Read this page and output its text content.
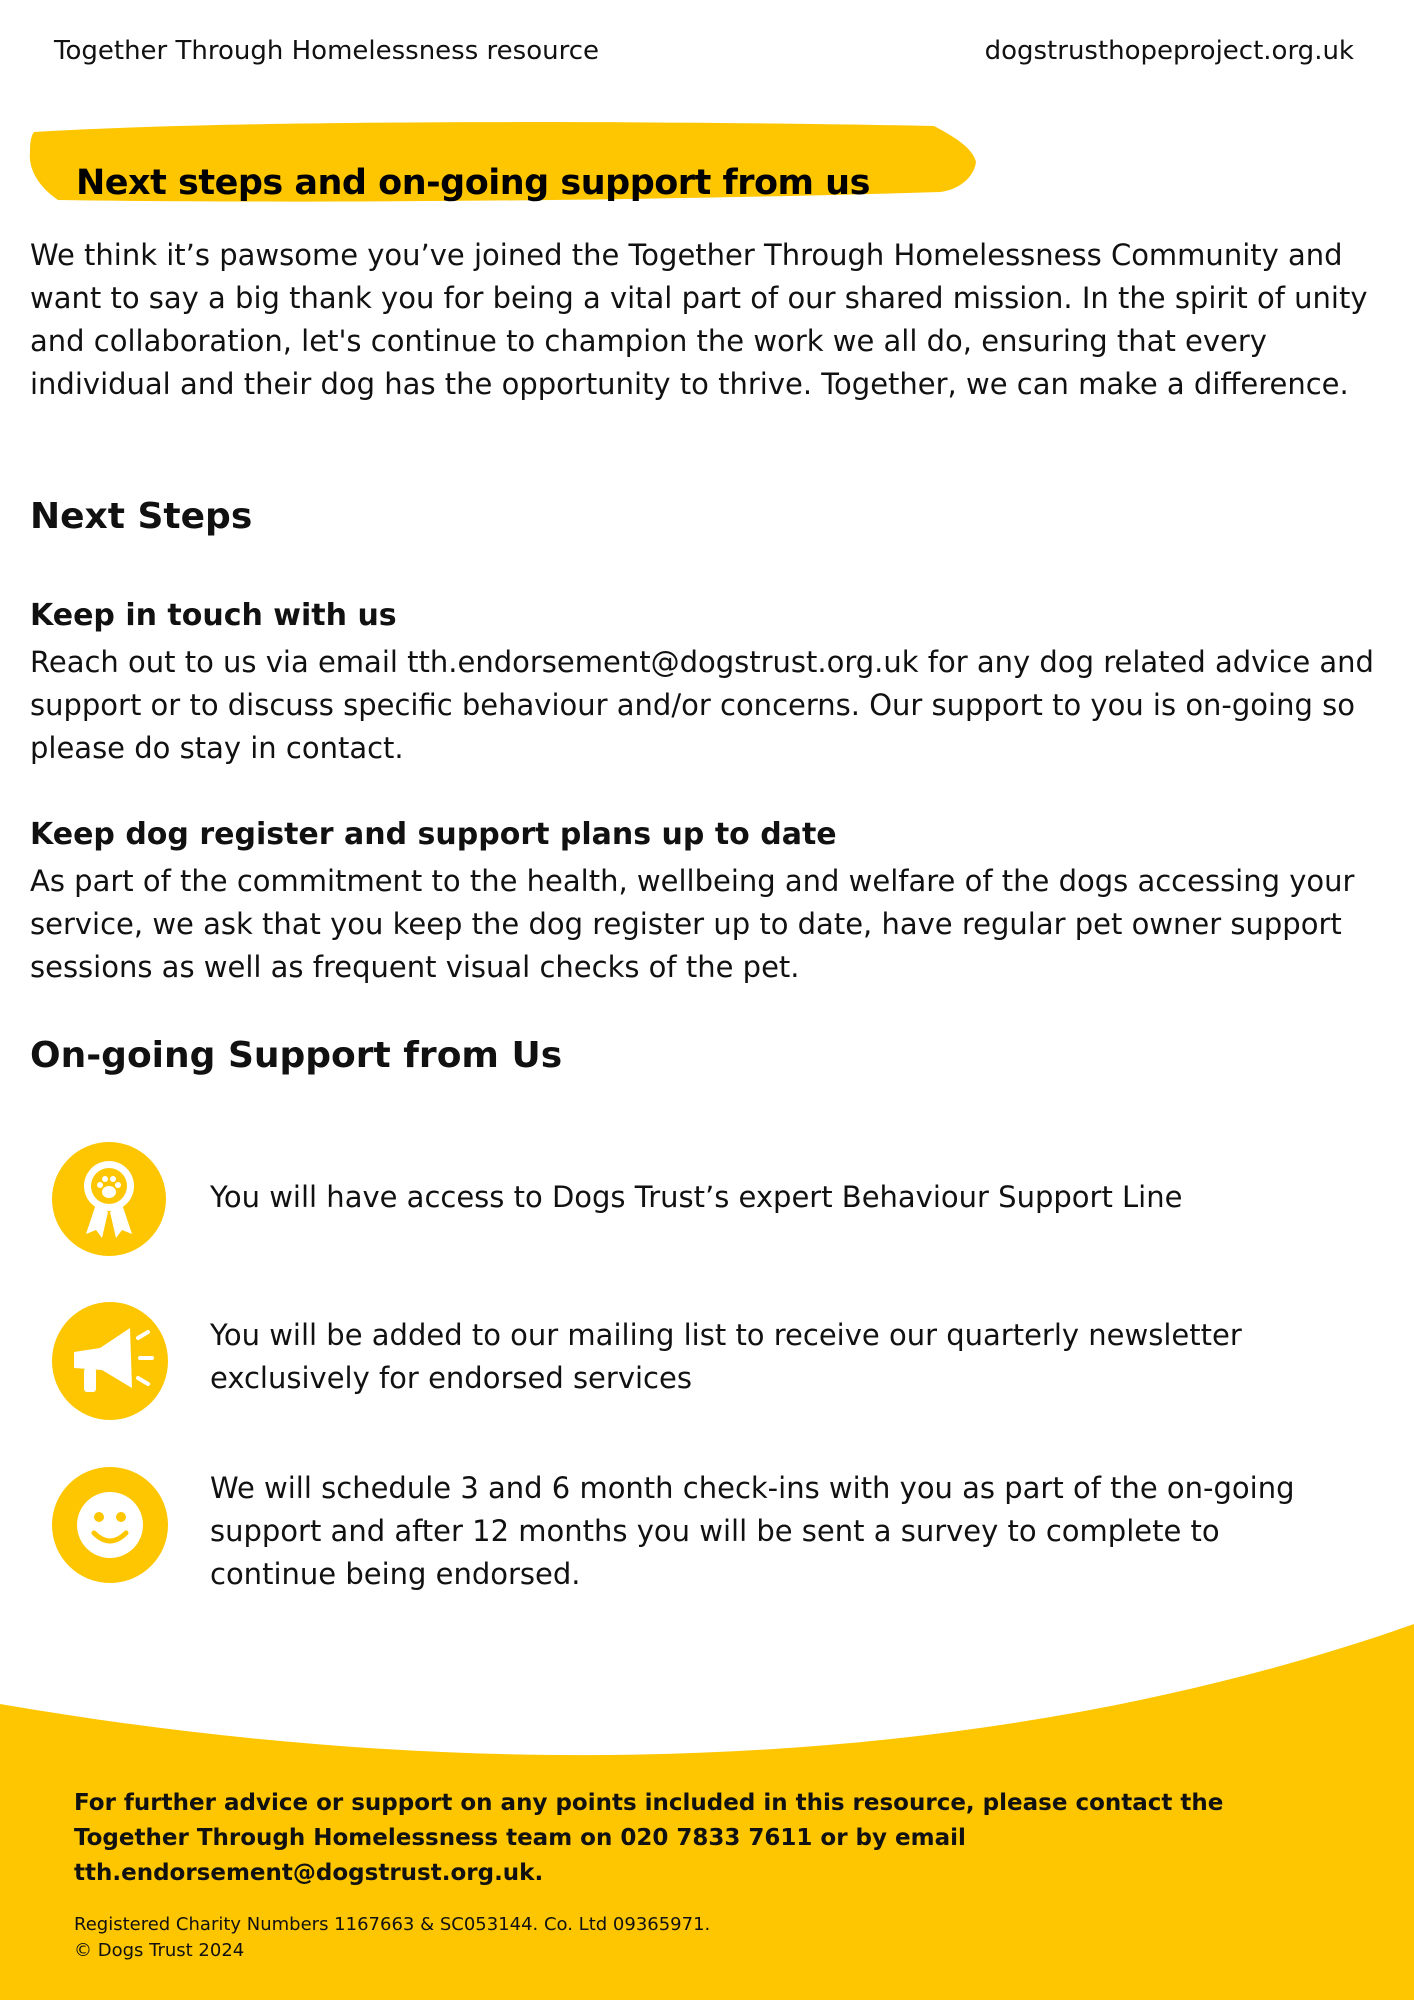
Together Through Homelessness resource	dogstrusthopeproject.org.uk
Next steps and on-going support from us

We think it’s pawsome you’ve joined the Together Through Homelessness Community and want to say a big thank you for being a vital part of our shared mission. In the spirit of unity and collaboration, let's continue to champion the work we all do, ensuring that every individual and their dog has the opportunity to thrive. Together, we can make a difference.

Next Steps
Keep in touch with us

Reach out to us via email tth.endorsement@dogstrust.org.uk for any dog related advice and support or to discuss specific behaviour and/or concerns. Our support to you is on-going so please do stay in contact.

Keep dog register and support plans up to date

As part of the commitment to the health, wellbeing and welfare of the dogs accessing your service, we ask that you keep the dog register up to date, have regular pet owner support sessions as well as frequent visual checks of the pet.

On-going Support from Us

You will have access to Dogs Trust’s expert Behaviour Support Line

You will be added to our mailing list to receive our quarterly newsletter exclusively for endorsed services

We will schedule 3 and 6 month check-ins with you as part of the on-going support and after 12 months you will be sent a survey to complete to continue being endorsed.

For further advice or support on any points included in this resource, please contact the Together Through Homelessness team on 020 7833 7611 or by email tth.endorsement@dogstrust.org.uk.

Registered Charity Numbers 1167663 & SC053144. Co. Ltd 09365971.
© Dogs Trust 2024
